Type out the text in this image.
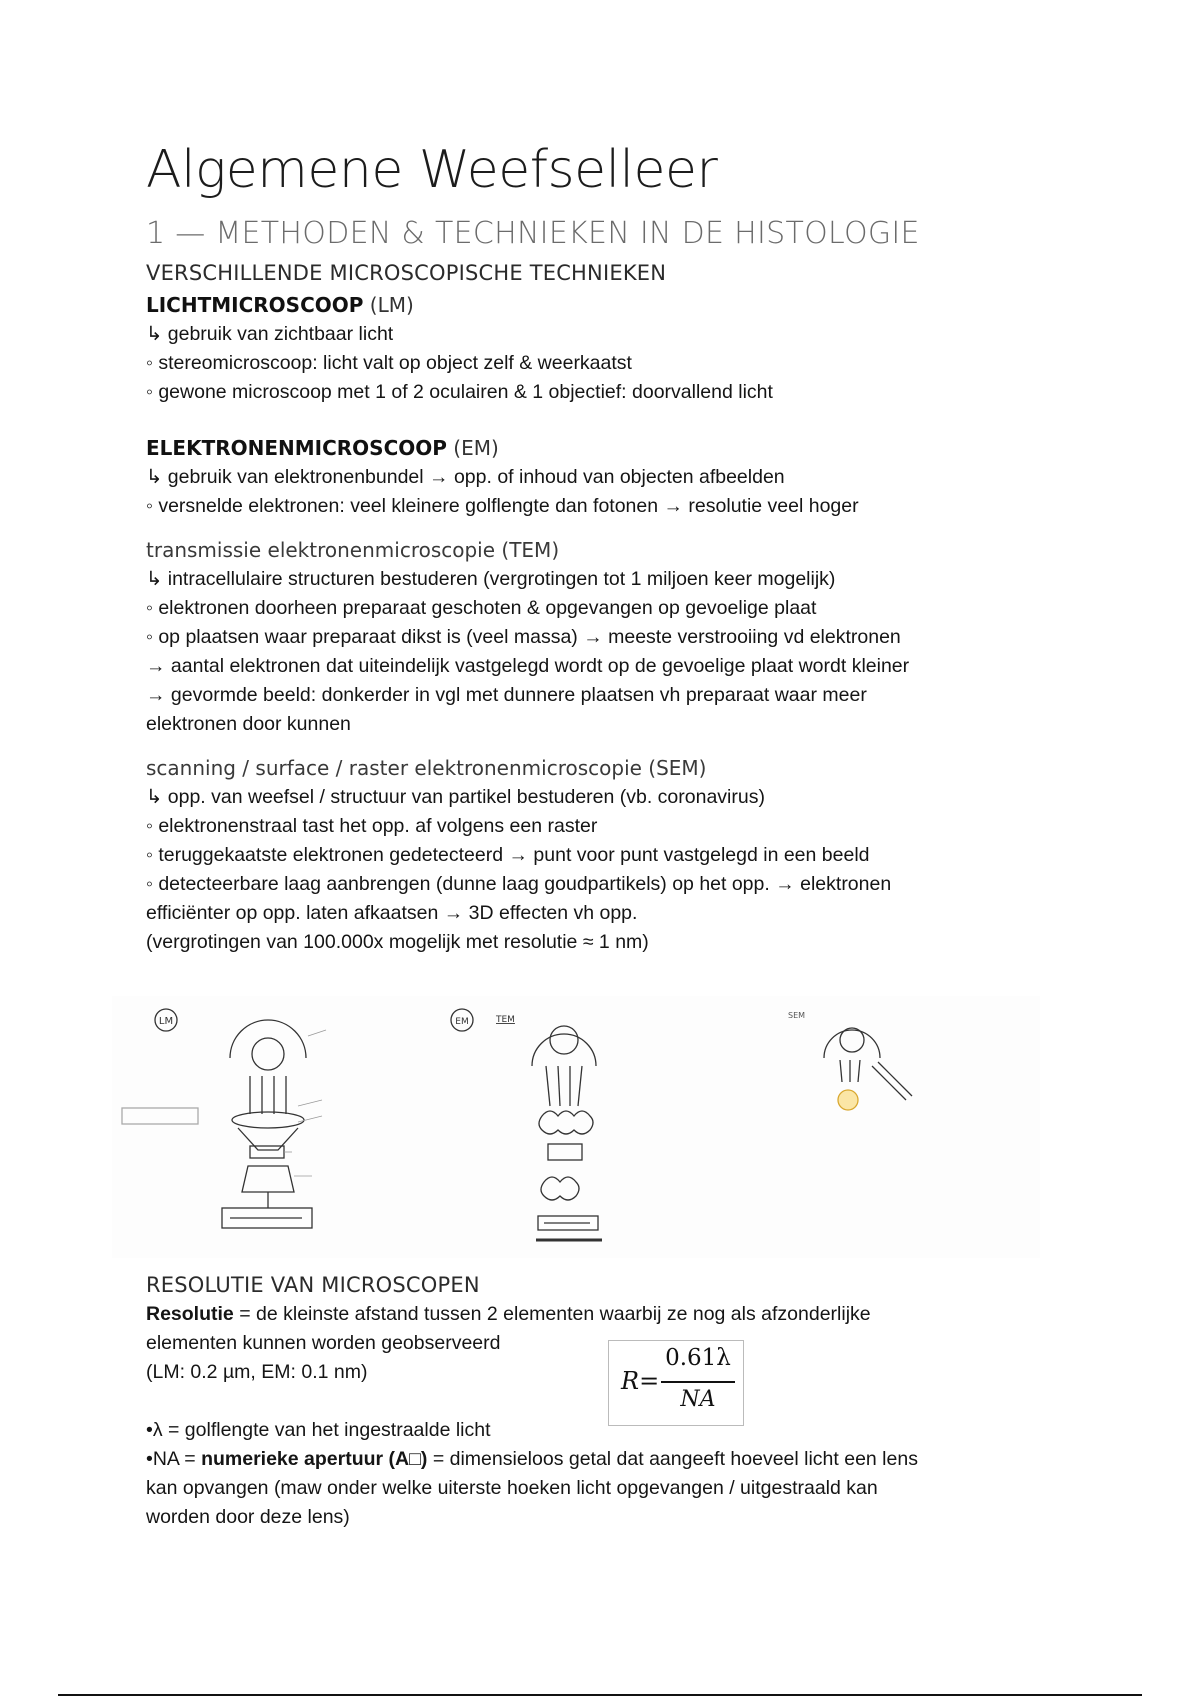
Algemene Weefselleer
1 — METHODEN & TECHNIEKEN IN DE HISTOLOGIE
VERSCHILLENDE MICROSCOPISCHE TECHNIEKEN
LICHTMICROSCOOP (LM)

↳ gebruik van zichtbaar licht

◦ stereomicroscoop: licht valt op object zelf & weerkaatst

◦ gewone microscoop met 1 of 2 oculairen & 1 objectief: doorvallend licht

ELEKTRONENMICROSCOOP (EM)

↳ gebruik van elektronenbundel → opp. of inhoud van objecten afbeelden

◦ versnelde elektronen: veel kleinere golflengte dan fotonen → resolutie veel hoger

transmissie elektronenmicroscopie (TEM)

↳ intracellulaire structuren bestuderen (vergrotingen tot 1 miljoen keer mogelijk)

◦ elektronen doorheen preparaat geschoten & opgevangen op gevoelige plaat

◦ op plaatsen waar preparaat dikst is (veel massa) → meeste verstrooiing vd elektronen

→ aantal elektronen dat uiteindelijk vastgelegd wordt op de gevoelige plaat wordt kleiner

→ gevormde beeld: donkerder in vgl met dunnere plaatsen vh preparaat waar meer

elektronen door kunnen

scanning / surface / raster elektronenmicroscopie (SEM)

↳ opp. van weefsel / structuur van partikel bestuderen (vb. coronavirus)

◦ elektronenstraal tast het opp. af volgens een raster

◦ teruggekaatste elektronen gedetecteerd → punt voor punt vastgelegd in een beeld

◦ detecteerbare laag aanbrengen (dunne laag goudpartikels) op het opp. → elektronen

efficiënter op opp. laten afkaatsen → 3D effecten vh opp.

(vergrotingen van 100.000x mogelijk met resolutie ≈ 1 nm)

LM	EM	TEM	SEM
RESOLUTIE VAN MICROSCOPEN

Resolutie = de kleinste afstand tussen 2 elementen waarbij ze nog als afzonderlijke

elementen kunnen worden geobserveerd

(LM: 0.2 µm, EM: 0.1 nm)

•λ = golflengte van het ingestraalde licht

•NA = numerieke apertuur (A□) = dimensieloos getal dat aangeeft hoeveel licht een lens

kan opvangen (maw onder welke uiterste hoeken licht opgevangen / uitgestraald kan

worden door deze lens)

R=
0.61λ
NA
